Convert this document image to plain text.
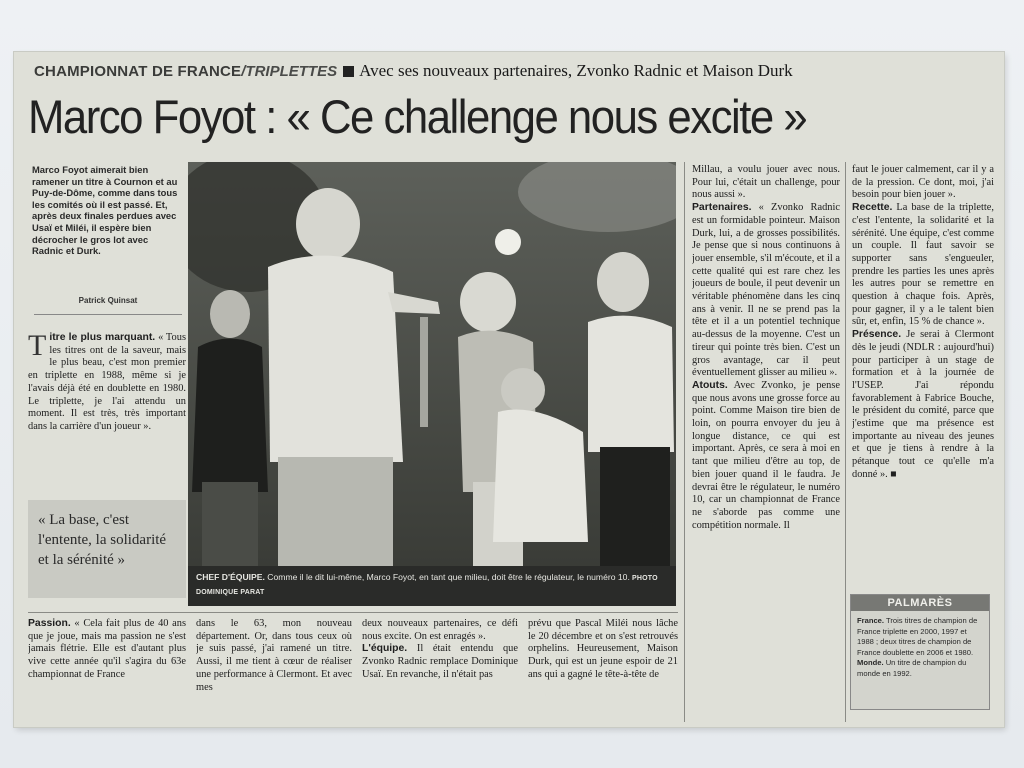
CHAMPIONNAT DE FRANCE/TRIPLETTES Avec ses nouveaux partenaires, Zvonko Radnic et Maison Durk
Marco Foyot : « Ce challenge nous excite »
Marco Foyot aimerait bien ramener un titre à Cournon et au Puy-de-Dôme, comme dans tous les comités où il est passé. Et, après deux finales perdues avec Usaï et Miléi, il espère bien décrocher le gros lot avec Radnic et Durk.
Patrick Quinsat

Titre le plus marquant. « Tous les titres ont de la saveur, mais le plus beau, c'est mon premier en triplette en 1988, même si je l'avais déjà été en doublette en 1980. Le triplette, je l'ai attendu un moment. Il est très, très important dans la carrière d'un joueur ».

« La base, c'est l'entente, la solidarité et la sérénité »
CHEF D'ÉQUIPE. Comme il le dit lui-même, Marco Foyot, en tant que milieu, doit être le régulateur, le numéro 10. PHOTO DOMINIQUE PARAT

Passion. « Cela fait plus de 40 ans que je joue, mais ma passion ne s'est jamais flétrie. Elle est d'autant plus vive cette année qu'il s'agira du 63e championnat de France

dans le 63, mon nouveau département. Or, dans tous ceux où je suis passé, j'ai ramené un titre. Aussi, il me tient à cœur de réaliser une performance à Clermont. Et avec mes

deux nouveaux partenaires, ce défi nous excite. On est enragés ».

L'équipe. Il était entendu que Zvonko Radnic remplace Dominique Usaï. En revanche, il n'était pas

prévu que Pascal Miléi nous lâche le 20 décembre et on s'est retrouvés orphelins. Heureusement, Maison Durk, qui est un jeune espoir de 21 ans qui a gagné le tête-à-tête de

Millau, a voulu jouer avec nous. Pour lui, c'était un challenge, pour nous aussi ».

Partenaires. « Zvonko Radnic est un formidable pointeur. Maison Durk, lui, a de grosses possibilités. Je pense que si nous continuons à jouer ensemble, s'il m'écoute, et il a cette qualité qui est rare chez les joueurs de boule, il peut devenir un véritable phénomène dans les cinq ans à venir. Il ne se prend pas la tête et il a un potentiel technique au-dessus de la moyenne. C'est un tireur qui pointe très bien. C'est un gros avantage, car il peut éventuellement glisser au milieu ».

Atouts. Avec Zvonko, je pense que nous avons une grosse force au point. Comme Maison tire bien de loin, on pourra envoyer du jeu à longue distance, ce qui est important. Après, ce sera à moi en tant que milieu d'être au top, de bien jouer quand il le faudra. Je devrai être le régulateur, le numéro 10, car un championnat de France ne s'aborde pas comme une compétition normale. Il

faut le jouer calmement, car il y a de la pression. Ce dont, moi, j'ai besoin pour bien jouer ».

Recette. La base de la triplette, c'est l'entente, la solidarité et la sérénité. Une équipe, c'est comme un couple. Il faut savoir se supporter sans s'engueuler, prendre les parties les unes après les autres pour se remettre en question à chaque fois. Après, pour gagner, il y a le talent bien sûr, et, enfin, 15 % de chance ».

Présence. Je serai à Clermont dès le jeudi (NDLR : aujourd'hui) pour participer à un stage de formation et à la journée de l'USEP. J'ai répondu favorablement à Fabrice Bouche, le président du comité, parce que j'estime que ma présence est importante au niveau des jeunes et que je tiens à rendre à la pétanque tout ce qu'elle m'a donné ». ■

PALMARÈS
France. Trois titres de champion de France triplette en 2000, 1997 et 1988 ; deux titres de champion de France doublette en 2006 et 1980.
Monde. Un titre de champion du monde en 1992.
